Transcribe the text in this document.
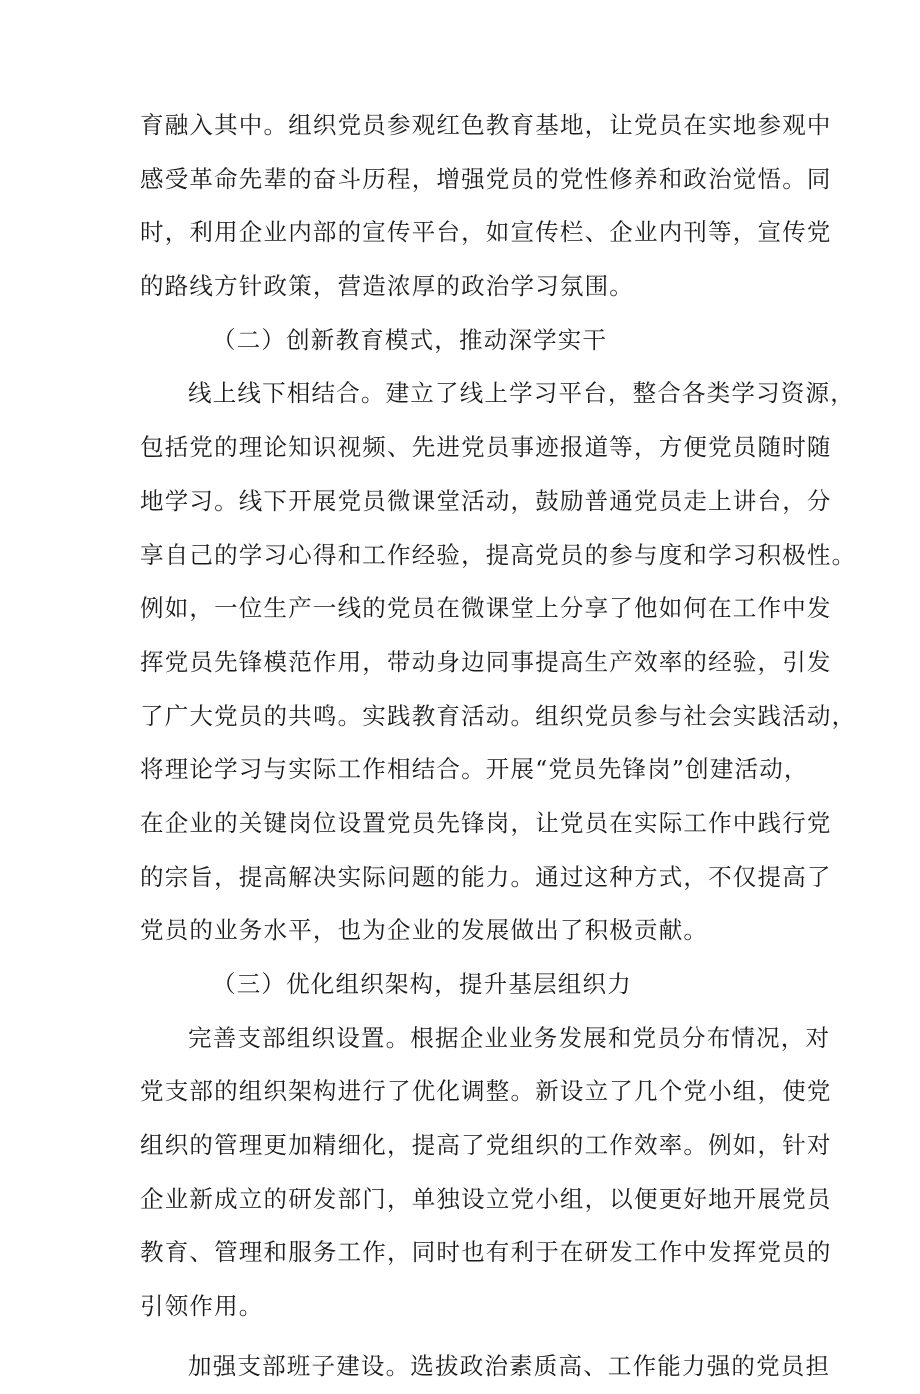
育融入其中。组织党员参观红色教育基地，让党员在实地参观中
感受革命先辈的奋斗历程，增强党员的党性修养和政治觉悟。同
时，利用企业内部的宣传平台，如宣传栏、企业内刊等，宣传党
的路线方针政策，营造浓厚的政治学习氛围。
（二）创新教育模式，推动深学实干
线上线下相结合。建立了线上学习平台，整合各类学习资源，
包括党的理论知识视频、先进党员事迹报道等，方便党员随时随
地学习。线下开展党员微课堂活动，鼓励普通党员走上讲台，分
享自己的学习心得和工作经验，提高党员的参与度和学习积极性。
例如，一位生产一线的党员在微课堂上分享了他如何在工作中发
挥党员先锋模范作用，带动身边同事提高生产效率的经验，引发
了广大党员的共鸣。实践教育活动。组织党员参与社会实践活动，
将理论学习与实际工作相结合。开展“党员先锋岗”创建活动，
在企业的关键岗位设置党员先锋岗，让党员在实际工作中践行党
的宗旨，提高解决实际问题的能力。通过这种方式，不仅提高了
党员的业务水平，也为企业的发展做出了积极贡献。
（三）优化组织架构，提升基层组织力
完善支部组织设置。根据企业业务发展和党员分布情况，对
党支部的组织架构进行了优化调整。新设立了几个党小组，使党
组织的管理更加精细化，提高了党组织的工作效率。例如，针对
企业新成立的研发部门，单独设立党小组，以便更好地开展党员
教育、管理和服务工作，同时也有利于在研发工作中发挥党员的
引领作用。
加强支部班子建设。选拔政治素质高、工作能力强的党员担
